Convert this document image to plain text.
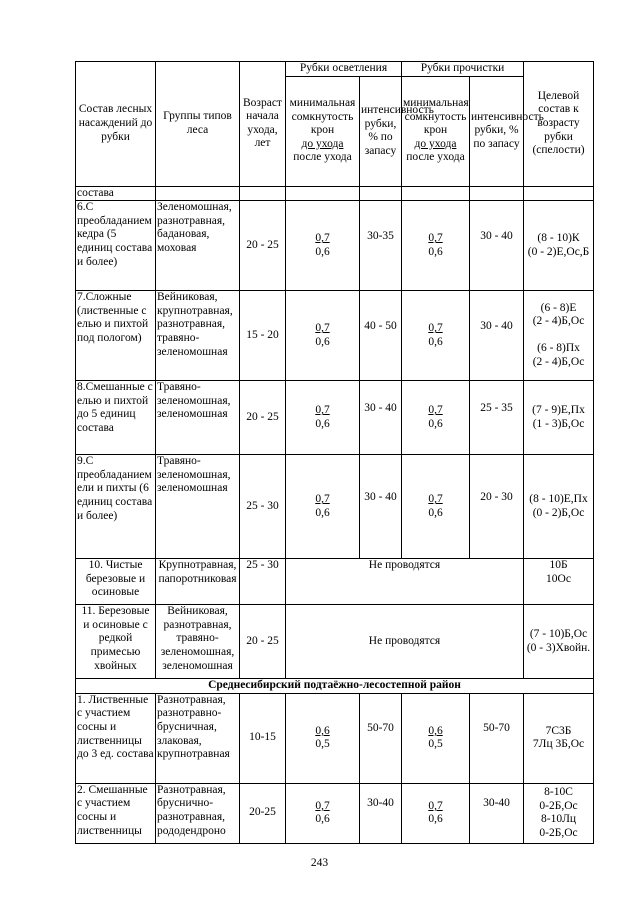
Состав лесных насаждений до рубки	Группы типов леса	Возраст начала ухода, лет	Рубки осветления		Рубки прочистки		Целевой состав к возрасту рубки (спелости)
			минимальная сомкнутость крон
до ухода
после ухода	интенсивность рубки, % по запасу	минимальная сомкнутость крон
до ухода
после ухода	интенсивность рубки, % по запасу	
состава							
6.С преобладанием кедра (5 единиц состава и более)	Зеленомошная, разнотравная, бадановая, моховая	20 - 25	0,7
0,6	30-35	0,7
0,6	30 - 40	(8 - 10)К
(0 - 2)Е,Ос,Б
7.Сложные (лиственные с елью и пихтой под пологом)	Вейниковая, крупнотравная, разнотравная, травяно-зеленомошная	15 - 20	0,7
0,6	40 - 50	0,7
0,6	30 - 40	(6 - 8)Е
(2 - 4)Б,Ос

(6 - 8)Пх
(2 - 4)Б,Ос
8.Смешанные с елью и пихтой до 5 единиц состава	Травяно-зеленомошная, зеленомошная	20 - 25	0,7
0,6	30 - 40	0,7
0,6	25 - 35	(7 - 9)Е,Пх
(1 - 3)Б,Ос
9.С преобладанием ели и пихты (6 единиц состава и более)	Травяно-зеленомошная, зеленомошная	25 - 30	0,7
0,6	30 - 40	0,7
0,6	20 - 30	(8 - 10)Е,Пх
(0 - 2)Б,Ос
10. Чистые березовые и осиновые	Крупнотравная, папоротниковая	25 - 30	Не проводятся				10Б
10Ос
11. Березовые и осиновые с редкой примесью хвойных	Вейниковая, разнотравная, травяно-зеленомошная, зеленомошная	20 - 25	Не проводятся				(7 - 10)Б,Ос
(0 - 3)Хвойн.
Среднесибирский подтаёжно-лесостепной район							
1. Лиственные с участием сосны и лиственницы до 3 ед. состава	Разнотравная, разнотравно-брусничная, злаковая, крупнотравная	10-15	0,6
0,5	50-70	0,6
0,5	50-70	7С3Б
7Лц 3Б,Ос
2. Смешанные с участием сосны и лиственницы	Разнотравная, бруснично-разнотравная, рододендроно	20-25	0,7
0,6	30-40	0,7
0,6	30-40	8-10С
0-2Б,Ос
8-10Лц
0-2Б,Ос
243
